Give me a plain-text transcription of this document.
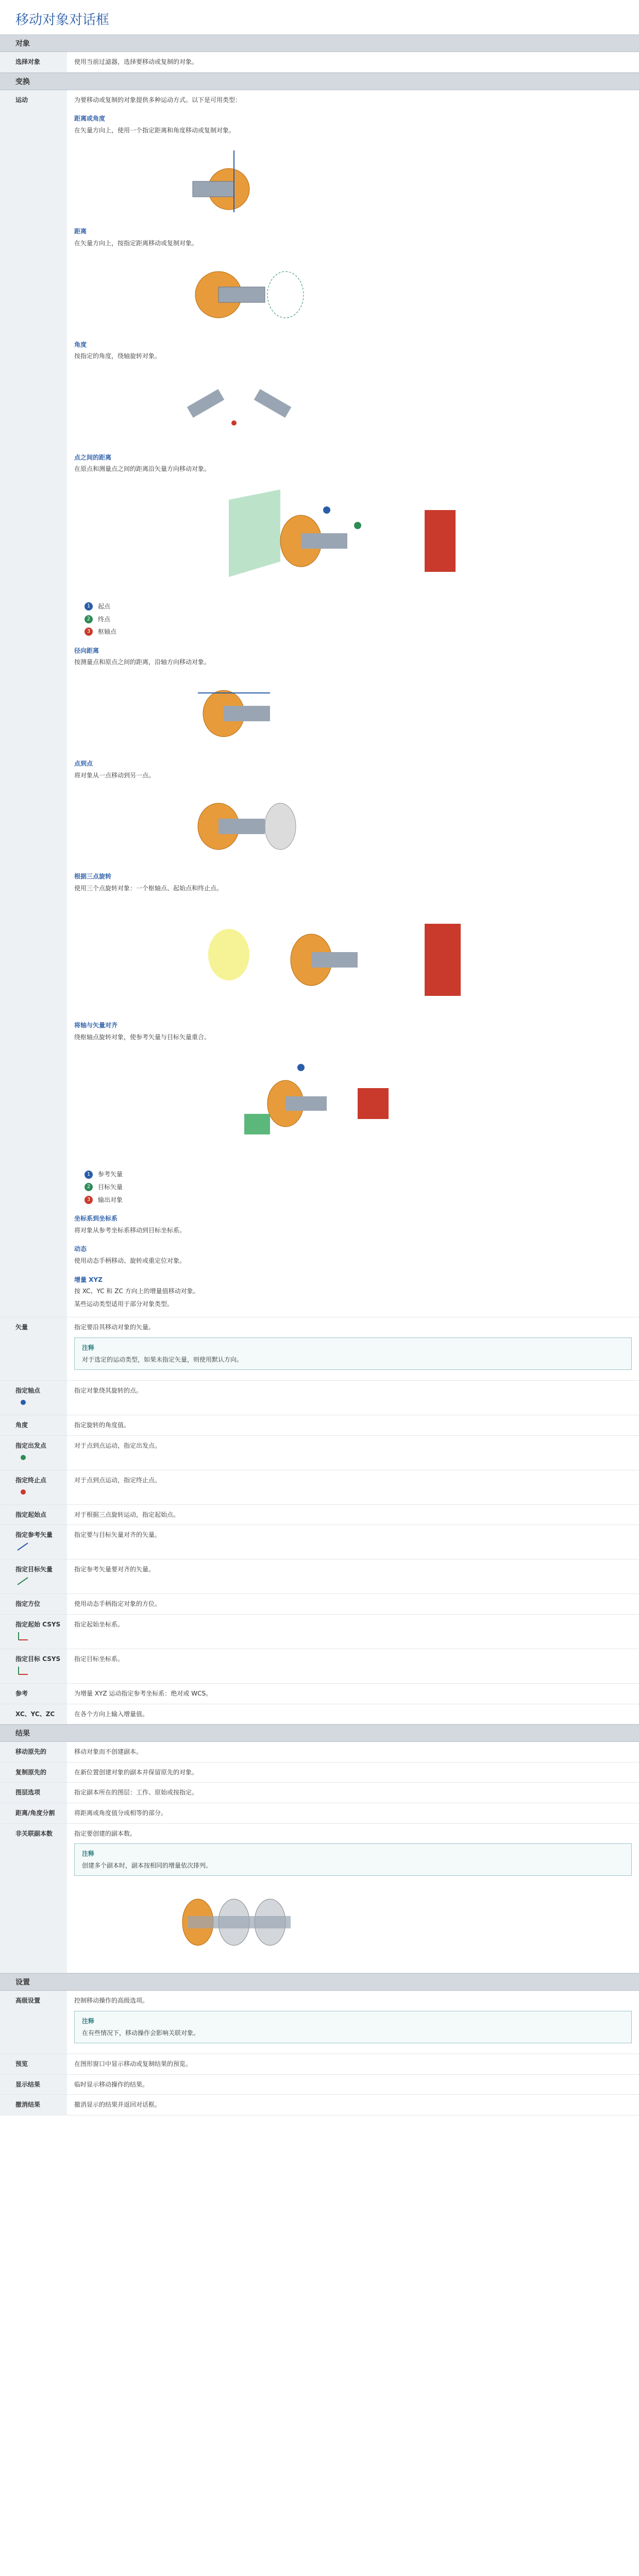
移动对象对话框
对象
选择对象	使用当前过滤器，选择要移动或复制的对象。
变换
运动	为要移动或复制的对象提供多种运动方式。以下是可用类型：

距离或角度

在矢量方向上，使用一个指定距离和角度移动或复制对象。

距离

在矢量方向上，按指定距离移动或复制对象。

角度

按指定的角度，绕轴旋转对象。

点之间的距离

在原点和测量点之间的距离沿矢量方向移动对象。

1	起点
2	终点
3	枢轴点
径向距离

按测量点和原点之间的距离，沿轴方向移动对象。

点到点

将对象从一点移动到另一点。

根据三点旋转

使用三个点旋转对象：一个枢轴点、起始点和终止点。

将轴与矢量对齐

绕枢轴点旋转对象，使参考矢量与目标矢量重合。

1	参考矢量
2	目标矢量
3	输出对象
坐标系到坐标系

将对象从参考坐标系移动到目标坐标系。

动态

使用动态手柄移动、旋转或重定位对象。

增量 XYZ

按 XC、YC 和 ZC 方向上的增量值移动对象。

某些运动类型适用于部分对象类型。

矢量	指定要沿其移动对象的矢量。

注释
对于选定的运动类型，如果未指定矢量，则使用默认方向。
指定轴点	指定对象绕其旋转的点。
角度	指定旋转的角度值。
指定出发点	对于点到点运动，指定出发点。
指定终止点	对于点到点运动，指定终止点。
指定起始点	对于根据三点旋转运动，指定起始点。
指定参考矢量	指定要与目标矢量对齐的矢量。
指定目标矢量	指定参考矢量要对齐的矢量。
指定方位	使用动态手柄指定对象的方位。
指定起始 CSYS	指定起始坐标系。
指定目标 CSYS	指定目标坐标系。
参考	为增量 XYZ 运动指定参考坐标系：绝对或 WCS。
XC、YC、ZC	在各个方向上输入增量值。
结果
移动原先的	移动对象而不创建副本。
复制原先的	在新位置创建对象的副本并保留原先的对象。
图层选项	指定副本所在的图层：工作、原始或按指定。
距离/角度分割	将距离或角度值分成相等的部分。
非关联副本数	指定要创建的副本数。

注释
创建多个副本时，副本按相同的增量依次排列。
设置
高级设置	控制移动操作的高级选项。

注释
在有些情况下，移动操作会影响关联对象。
预览	在图形窗口中显示移动或复制结果的预览。
显示结果	临时显示移动操作的结果。
撤消结果	撤消显示的结果并返回对话框。
